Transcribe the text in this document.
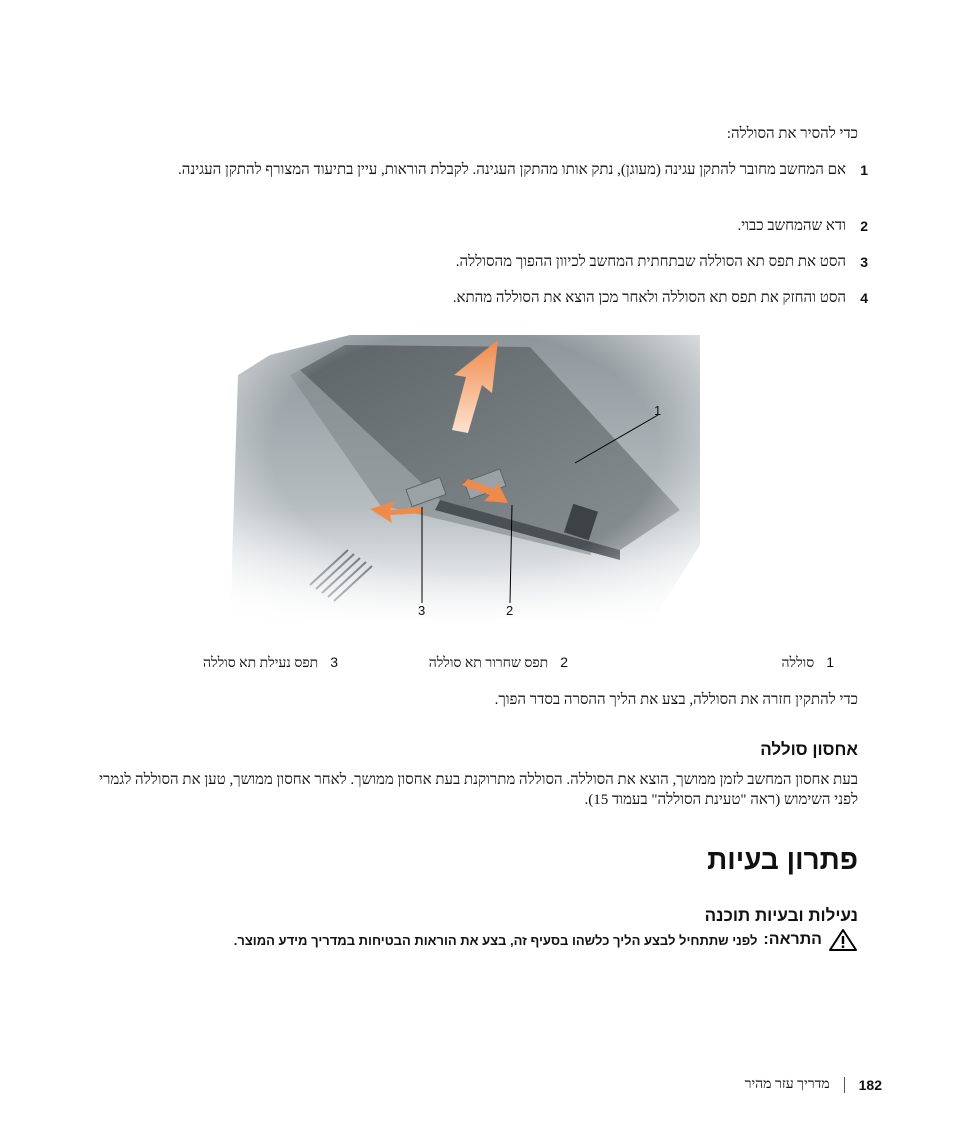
כדי להסיר את הסוללה:
1
אם המחשב מחובר להתקן עגינה (מעוגן), נתק אותו מהתקן העגינה. לקבלת הוראות, עיין בתיעוד המצורף להתקן העגינה.
2
ודא שהמחשב כבוי.
3
הסט את תפס תא הסוללה שבתחתית המחשב לכיוון ההפוך מהסוללה.
4
הסט והחזק את תפס תא הסוללה ולאחר מכן הוצא את הסוללה מהתא.
1
2
3
1סוללה
2תפס שחרור תא סוללה
3תפס נעילת תא סוללה
כדי להתקין חזרה את הסוללה, בצע את הליך ההסרה בסדר הפוך.
אחסון סוללה
בעת אחסון המחשב לזמן ממושך, הוצא את הסוללה. הסוללה מתרוקנת בעת אחסון ממושך. לאחר אחסון ממושך, טען את הסוללה לגמרי לפני השימוש (ראה "טעינת הסוללה" בעמוד 15).
פתרון בעיות
נעילות ובעיות תוכנה
התראה:
לפני שתתחיל לבצע הליך כלשהו בסעיף זה, בצע את הוראות הבטיחות במדריך מידע המוצר.
מדריך עזר מהיר 182
